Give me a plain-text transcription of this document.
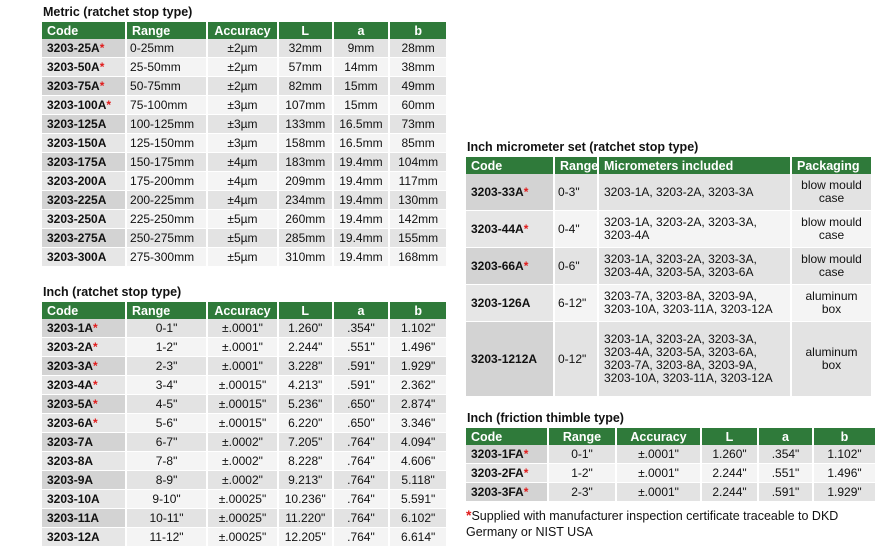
Metric (ratchet stop type)
Code	Range	Accuracy	L	a	b
3203-25A*	0-25mm	±2µm	32mm	9mm	28mm
3203-50A*	25-50mm	±2µm	57mm	14mm	38mm
3203-75A*	50-75mm	±2µm	82mm	15mm	49mm
3203-100A*	75-100mm	±3µm	107mm	15mm	60mm
3203-125A	100-125mm	±3µm	133mm	16.5mm	73mm
3203-150A	125-150mm	±3µm	158mm	16.5mm	85mm
3203-175A	150-175mm	±4µm	183mm	19.4mm	104mm
3203-200A	175-200mm	±4µm	209mm	19.4mm	117mm
3203-225A	200-225mm	±4µm	234mm	19.4mm	130mm
3203-250A	225-250mm	±5µm	260mm	19.4mm	142mm
3203-275A	250-275mm	±5µm	285mm	19.4mm	155mm
3203-300A	275-300mm	±5µm	310mm	19.4mm	168mm
Inch (ratchet stop type)
Code	Range	Accuracy	L	a	b
3203-1A*	0-1"	±.0001"	1.260"	.354"	1.102"
3203-2A*	1-2"	±.0001"	2.244"	.551"	1.496"
3203-3A*	2-3"	±.0001"	3.228"	.591"	1.929"
3203-4A*	3-4"	±.00015"	4.213"	.591"	2.362"
3203-5A*	4-5"	±.00015"	5.236"	.650"	2.874"
3203-6A*	5-6"	±.00015"	6.220"	.650"	3.346"
3203-7A	6-7"	±.0002"	7.205"	.764"	4.094"
3203-8A	7-8"	±.0002"	8.228"	.764"	4.606"
3203-9A	8-9"	±.0002"	9.213"	.764"	5.118"
3203-10A	9-10"	±.00025"	10.236"	.764"	5.591"
3203-11A	10-11"	±.00025"	11.220"	.764"	6.102"
3203-12A	11-12"	±.00025"	12.205"	.764"	6.614"
Inch micrometer set (ratchet stop type)
Code	Range	Micrometers included	Packaging
3203-33A*	0-3"	3203-1A, 3203-2A, 3203-3A	blow mould case
3203-44A*	0-4"	3203-1A, 3203-2A, 3203-3A, 3203-4A	blow mould case
3203-66A*	0-6"	3203-1A, 3203-2A, 3203-3A, 3203-4A, 3203-5A, 3203-6A	blow mould case
3203-126A	6-12"	3203-7A, 3203-8A, 3203-9A, 3203-10A, 3203-11A, 3203-12A	aluminum box
3203-1212A	0-12"	3203-1A, 3203-2A, 3203-3A, 3203-4A, 3203-5A, 3203-6A, 3203-7A, 3203-8A, 3203-9A, 3203-10A, 3203-11A, 3203-12A	aluminum box
Inch (friction thimble type)
Code	Range	Accuracy	L	a	b
3203-1FA*	0-1"	±.0001"	1.260"	.354"	1.102"
3203-2FA*	1-2"	±.0001"	2.244"	.551"	1.496"
3203-3FA*	2-3"	±.0001"	2.244"	.591"	1.929"
*Supplied with manufacturer inspection certificate traceable to DKD Germany or NIST USA
